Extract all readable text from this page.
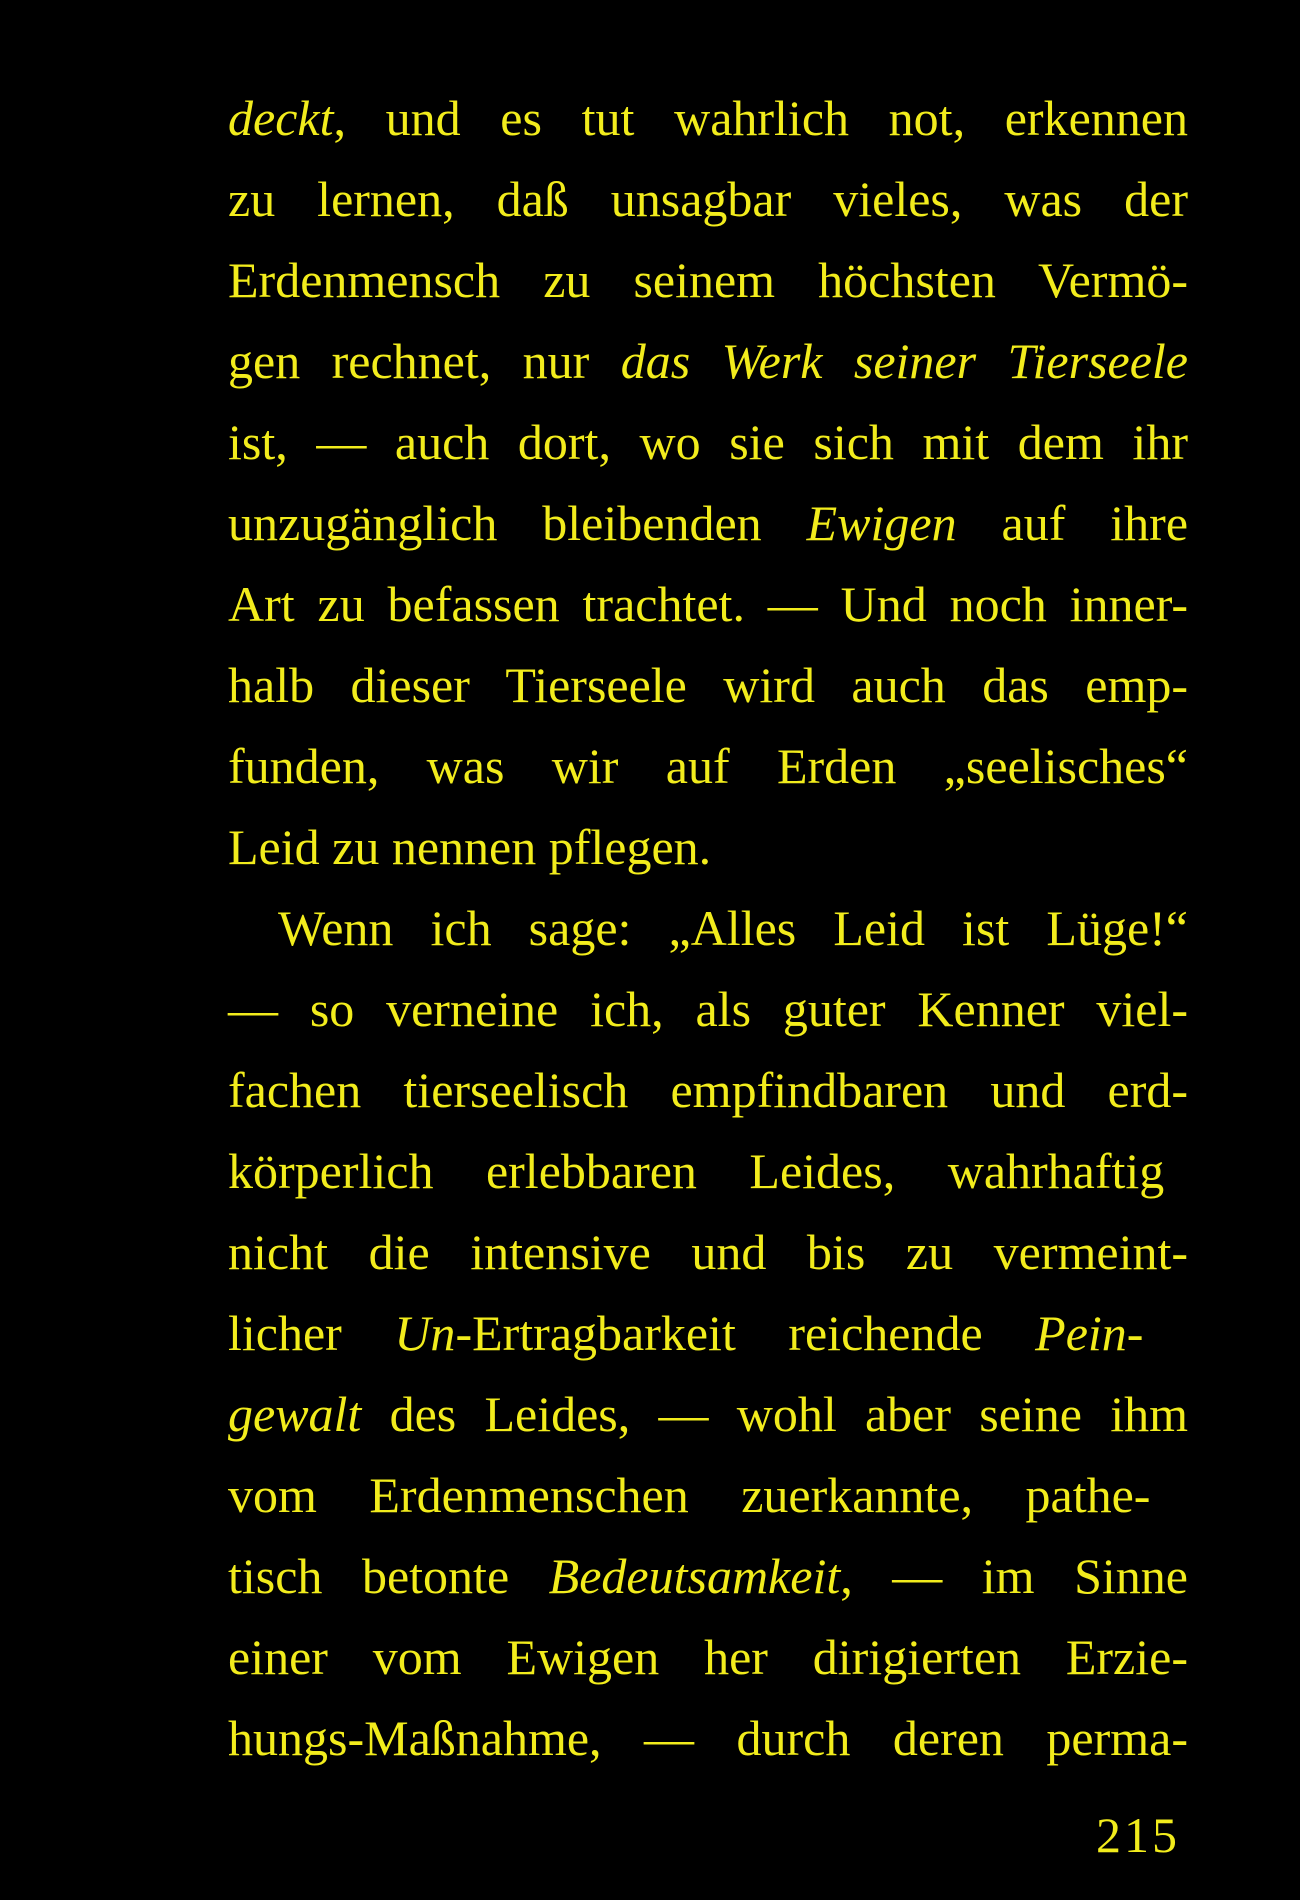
deckt, und es tut wahrlich not, erkennen
zu lernen, daß unsagbar vieles, was der
Erdenmensch zu seinem höchsten Vermö-
gen rechnet, nur das Werk seiner Tierseele
ist, — auch dort, wo sie sich mit dem ihr
unzugänglich bleibenden Ewigen auf ihre
Art zu befassen trachtet. — Und noch inner-
halb dieser Tierseele wird auch das emp-
funden, was wir auf Erden „seelisches“
Leid zu nennen pflegen.
Wenn ich sage: „Alles Leid ist Lüge!“
— so verneine ich, als guter Kenner viel-
fachen tierseelisch empfindbaren und erd-
körperlich erlebbaren Leides, wahrhaftig
nicht die intensive und bis zu vermeint-
licher Un-Ertragbarkeit reichende Pein-
gewalt des Leides, — wohl aber seine ihm
vom Erdenmenschen zuerkannte, pathe-
tisch betonte Bedeutsamkeit, — im Sinne
einer vom Ewigen her dirigierten Erzie-
hungs-Maßnahme, — durch deren perma-
215
